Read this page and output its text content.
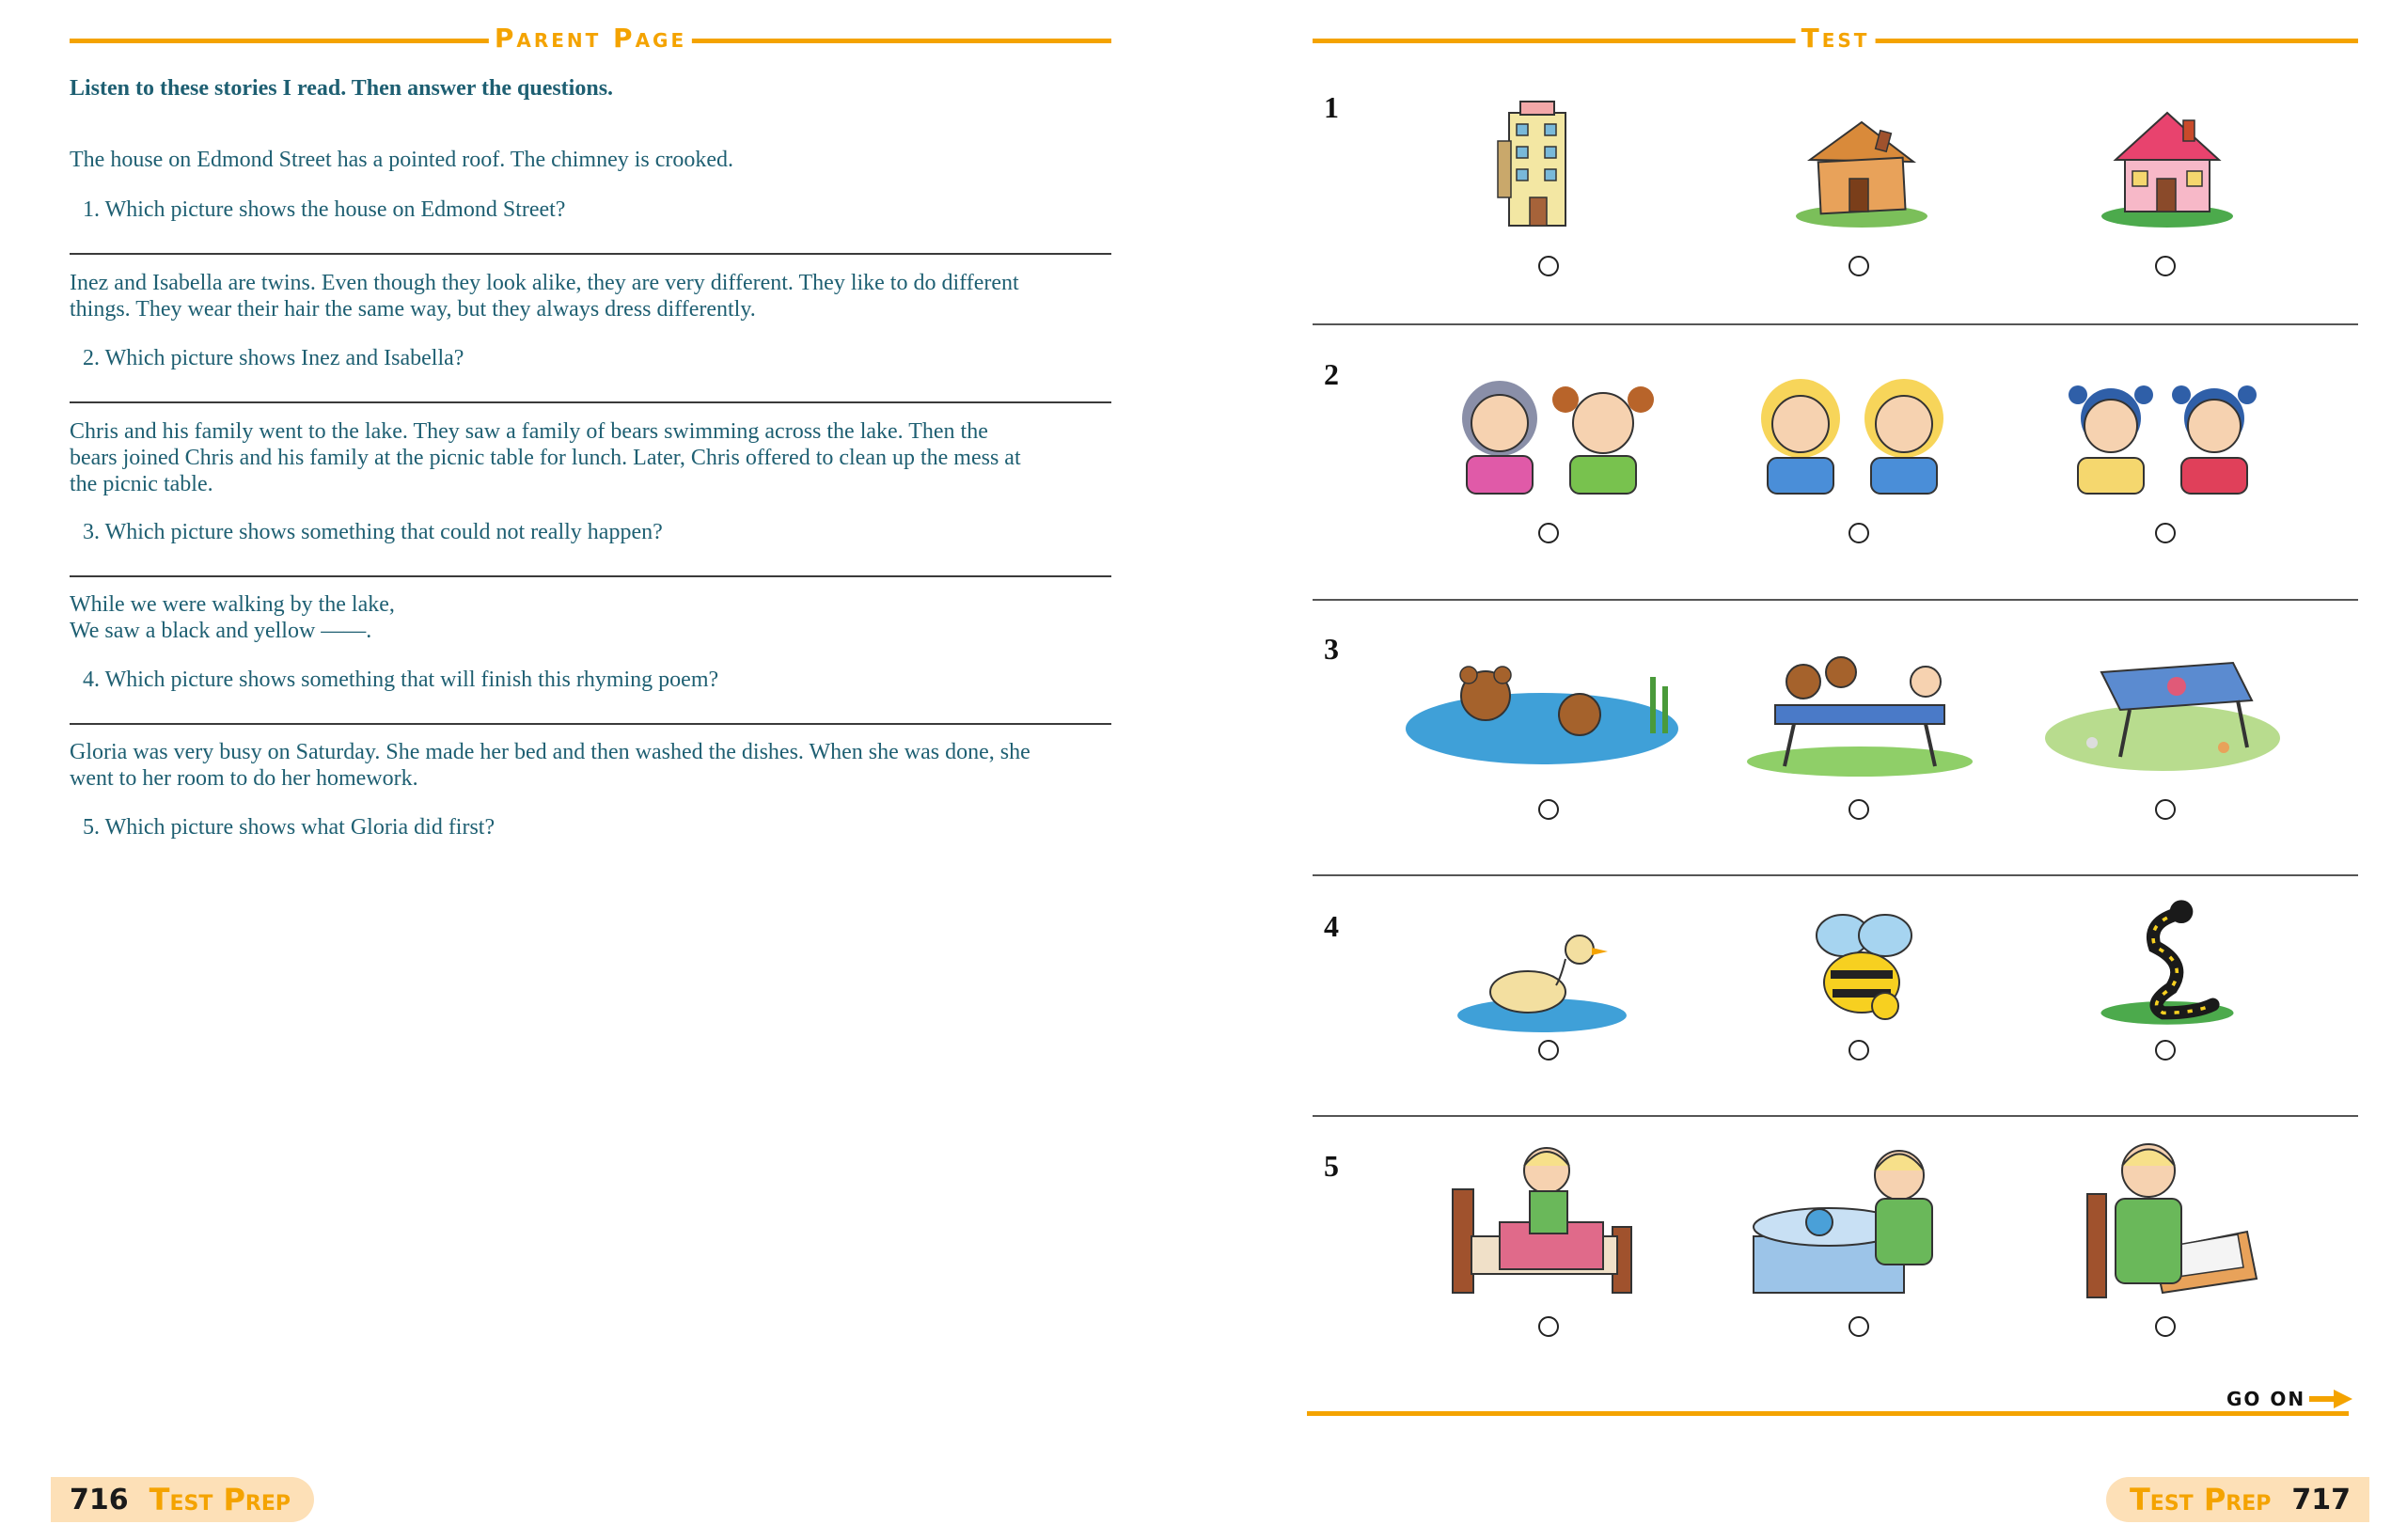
Parent Page
Listen to these stories I read. Then answer the questions.
The house on Edmond Street has a pointed roof. The chimney is crooked.
1. Which picture shows the house on Edmond Street?
Inez and Isabella are twins. Even though they look alike, they are very different. They like to do different
things. They wear their hair the same way, but they always dress differently.
2. Which picture shows Inez and Isabella?
Chris and his family went to the lake. They saw a family of bears swimming across the lake. Then the
bears joined Chris and his family at the picnic table for lunch. Later, Chris offered to clean up the mess at
the picnic table.
3. Which picture shows something that could not really happen?
While we were walking by the lake,
We saw a black and yellow ——.
4. Which picture shows something that will finish this rhyming poem?
Gloria was very busy on Saturday. She made her bed and then washed the dishes. When she was done, she
went to her room to do her homework.
5. Which picture shows what Gloria did first?
716 Test Prep
Test
1
2
3
4
5
GO ON
Test Prep 717
